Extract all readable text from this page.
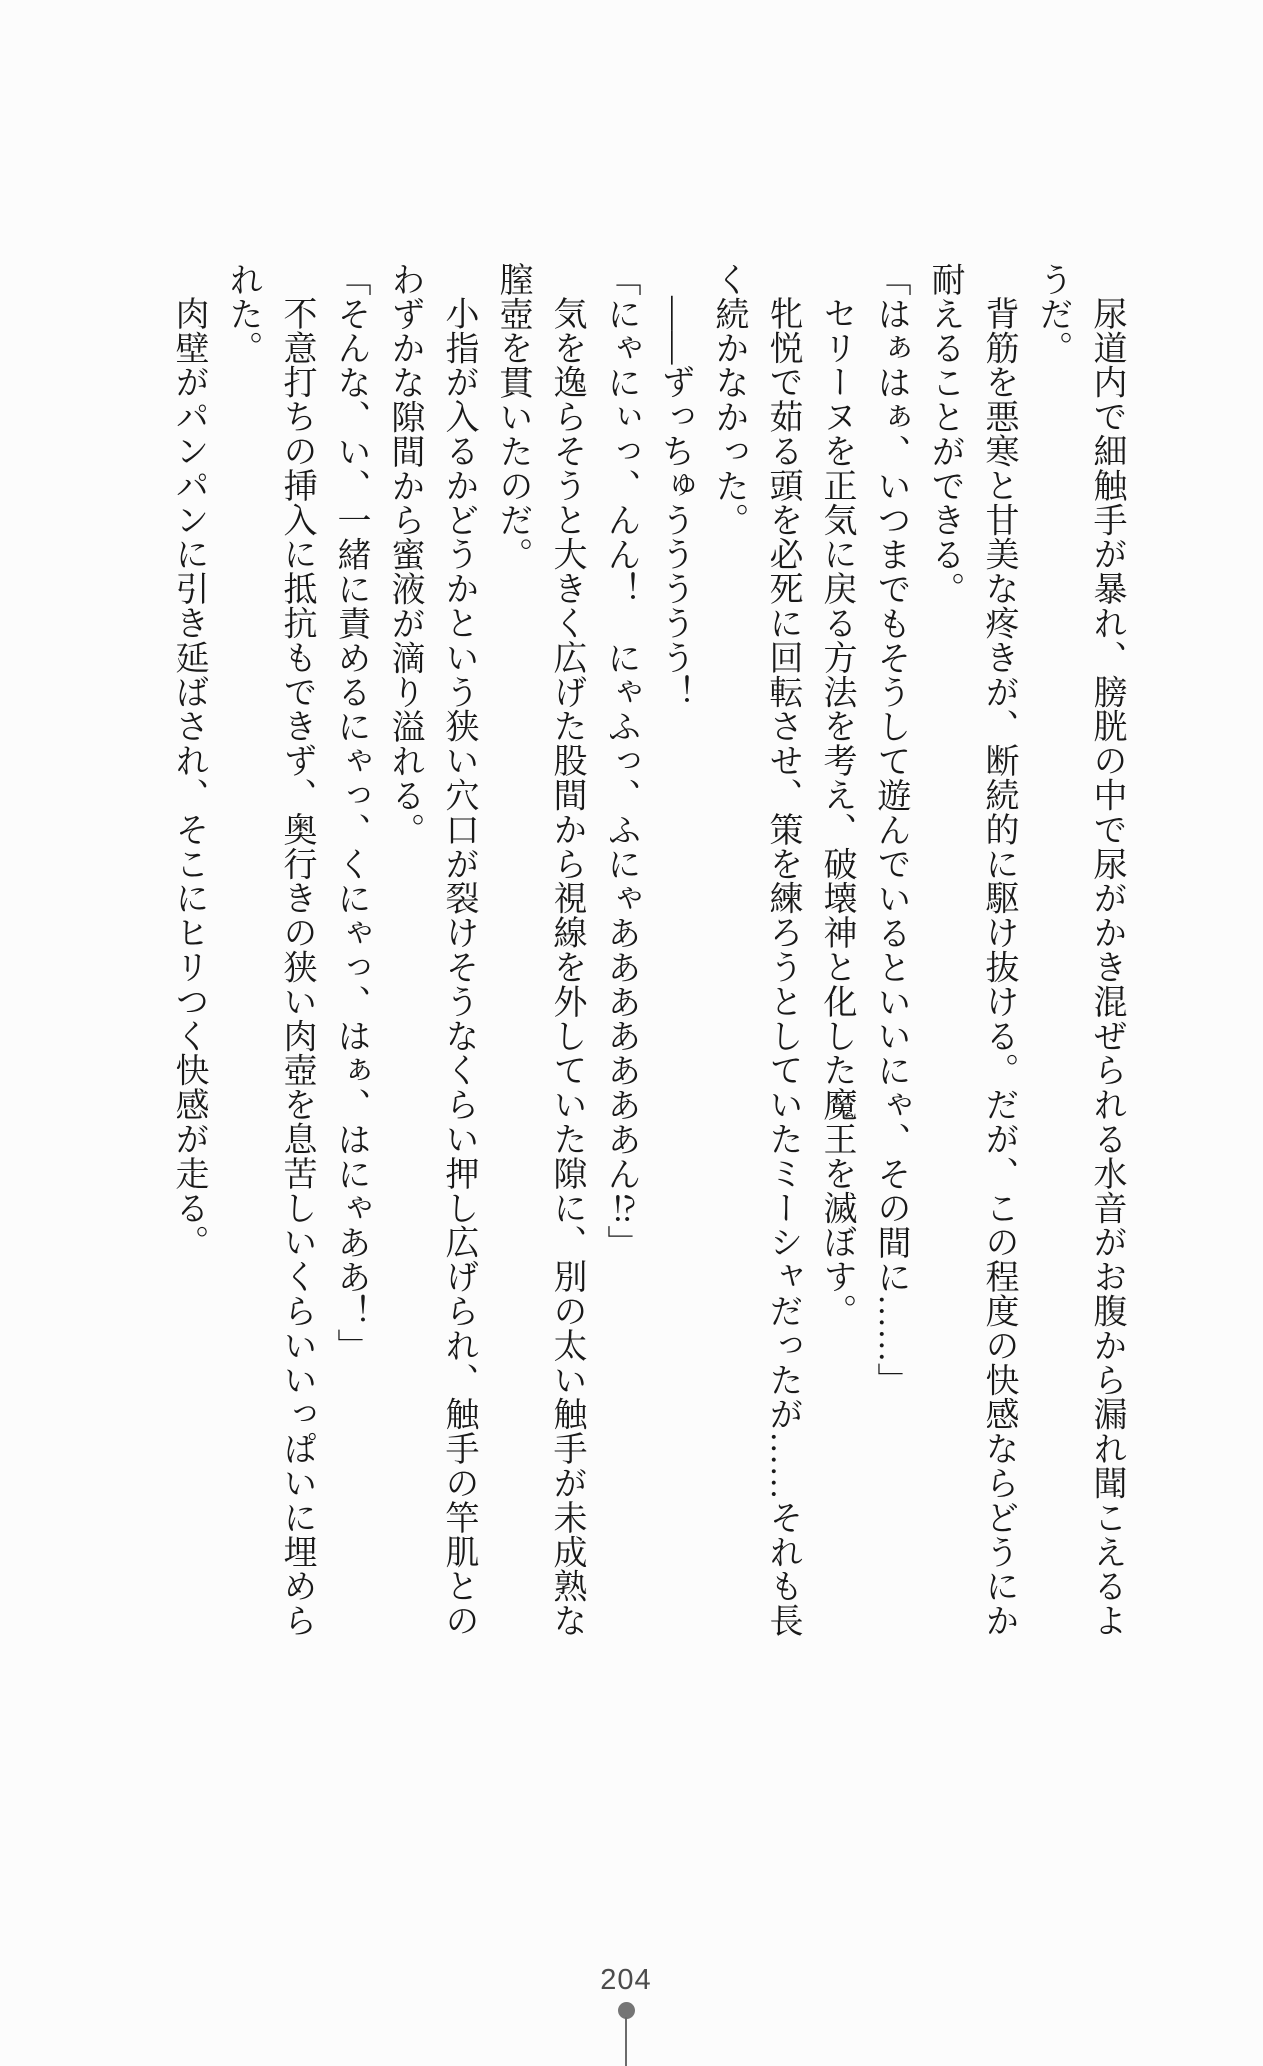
尿道内で細触手が暴れ、膀胱の中で尿がかき混ぜられる水音がお腹から漏れ聞こえるようだ。

背筋を悪寒と甘美な疼きが、断続的に駆け抜ける。だが、この程度の快感ならどうにか耐えることができる。

「はぁはぁ、いつまでもそうして遊んでいるといいにゃ、その間に……」

セリーヌを正気に戻る方法を考え、破壊神と化した魔王を滅ぼす。

牝悦で茹る頭を必死に回転させ、策を練ろうとしていたミーシャだったが……それも長く続かなかった。

――ずっちゅううううう！

「にゃにぃっ、んん！　にゃふっ、ふにゃあああああああん⁉」

気を逸らそうと大きく広げた股間から視線を外していた隙に、別の太い触手が未成熟な膣壺を貫いたのだ。

小指が入るかどうかという狭い穴口が裂けそうなくらい押し広げられ、触手の竿肌とのわずかな隙間から蜜液が滴り溢れる。

「そんな、い、一緒に責めるにゃっ、くにゃっ、はぁ、はにゃああ！」

不意打ちの挿入に抵抗もできず、奥行きの狭い肉壺を息苦しいくらいいっぱいに埋められた。

肉壁がパンパンに引き延ばされ、そこにヒリつく快感が走る。

204
